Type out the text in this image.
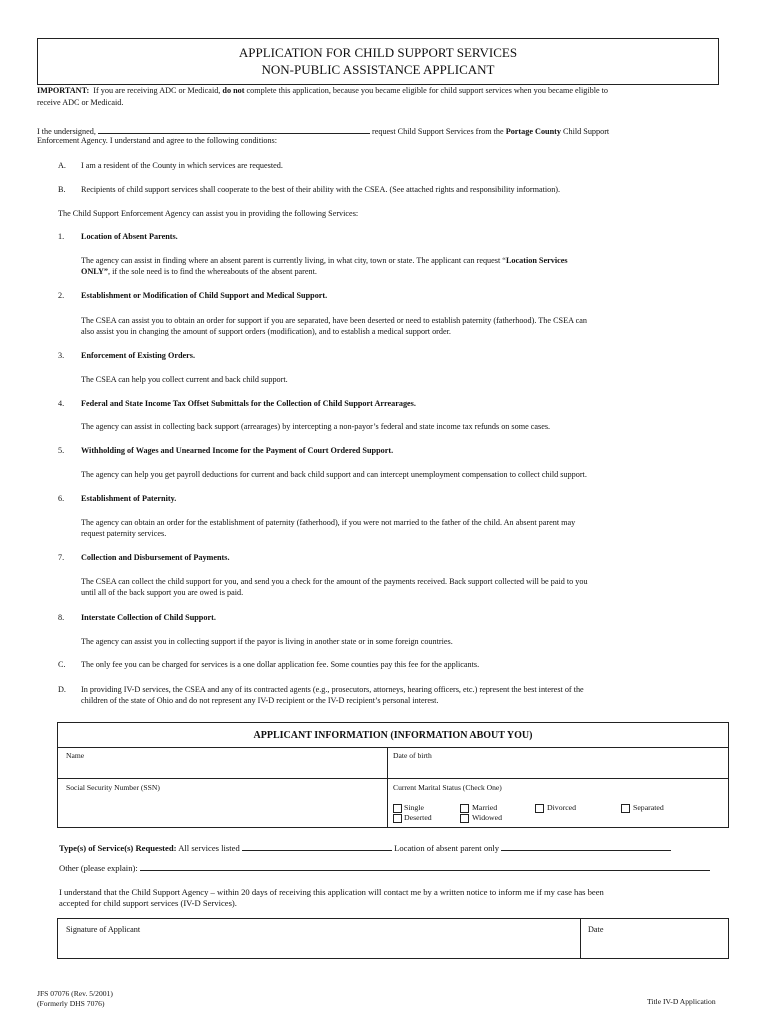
APPLICATION FOR CHILD SUPPORT SERVICES
NON-PUBLIC ASSISTANCE APPLICANT
IMPORTANT: If you are receiving ADC or Medicaid, do not complete this application, because you became eligible for child support services when you became eligible to
receive ADC or Medicaid.
I the undersigned,	request Child Support Services from the Portage County Child Support
Enforcement Agency. I understand and agree to the following conditions:
A. I am a resident of the County in which services are requested.
B. Recipients of child support services shall cooperate to the best of their ability with the CSEA. (See attached rights and responsibility information).
The Child Support Enforcement Agency can assist you in providing the following Services:
1. Location of Absent Parents.
The agency can assist in finding where an absent parent is currently living, in what city, town or state. The applicant can request “Location Services
ONLY”, if the sole need is to find the whereabouts of the absent parent.
2. Establishment or Modification of Child Support and Medical Support.
The CSEA can assist you to obtain an order for support if you are separated, have been deserted or need to establish paternity (fatherhood). The CSEA can
also assist you in changing the amount of support orders (modification), and to establish a medical support order.
3. Enforcement of Existing Orders.
The CSEA can help you collect current and back child support.
4. Federal and State Income Tax Offset Submittals for the Collection of Child Support Arrearages.
The agency can assist in collecting back support (arrearages) by intercepting a non-payor’s federal and state income tax refunds on some cases.
5. Withholding of Wages and Unearned Income for the Payment of Court Ordered Support.
The agency can help you get payroll deductions for current and back child support and can intercept unemployment compensation to collect child support.
6. Establishment of Paternity.
The agency can obtain an order for the establishment of paternity (fatherhood), if you were not married to the father of the child. An absent parent may
request paternity services.
7. Collection and Disbursement of Payments.
The CSEA can collect the child support for you, and send you a check for the amount of the payments received. Back support collected will be paid to you
until all of the back support you are owed is paid.
8. Interstate Collection of Child Support.
The agency can assist you in collecting support if the payor is living in another state or in some foreign countries.
C. The only fee you can be charged for services is a one dollar application fee. Some counties pay this fee for the applicants.
D. In providing IV-D services, the CSEA and any of its contracted agents (e.g., prosecutors, attorneys, hearing officers, etc.) represent the best interest of the
children of the state of Ohio and do not represent any IV-D recipient or the IV-D recipient’s personal interest.
APPLICANT INFORMATION (INFORMATION ABOUT YOU)
Name	Date of birth
Social Security Number (SSN)	Current Marital Status (Check One)
Single	Married	Divorced	Separated
Deserted	Widowed
Type(s) of Service(s) Requested: All services listed	Location of absent parent only
Other (please explain):
I understand that the Child Support Agency – within 20 days of receiving this application will contact me by a written notice to inform me if my case has been
accepted for child support services (IV-D Services).
Signature of Applicant	Date
JFS 07076 (Rev. 5/2001)
(Formerly DHS 7076)	Title IV-D Application
